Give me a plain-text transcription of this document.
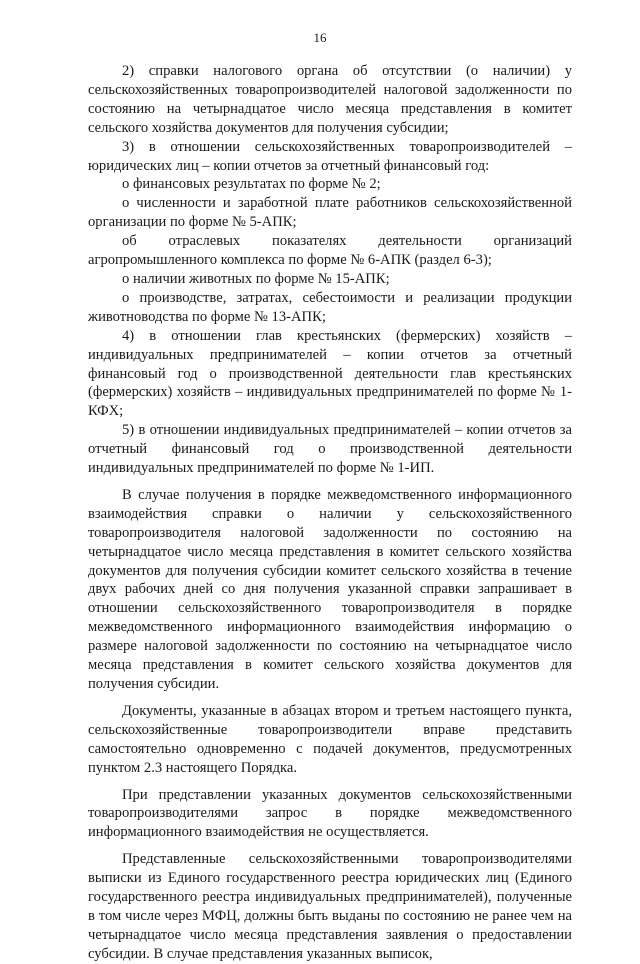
16

2) справки налогового органа об отсутствии (о наличии) у сельскохозяйственных товаропроизводителей налоговой задолженности по состоянию на четырнадцатое число месяца представления в комитет сельского хозяйства документов для получения субсидии;

3) в отношении сельскохозяйственных товаропроизводителей – юридических лиц – копии отчетов за отчетный финансовый год:

о финансовых результатах по форме № 2;

о численности и заработной плате работников сельскохозяйственной организации по форме № 5-АПК;

об отраслевых показателях деятельности организаций агропромышленного комплекса по форме № 6-АПК (раздел 6-3);

о наличии животных по форме № 15-АПК;

о производстве, затратах, себестоимости и реализации продукции животноводства по форме № 13-АПК;

4) в отношении глав крестьянских (фермерских) хозяйств – индивидуальных предпринимателей – копии отчетов за отчетный финансовый год о производственной деятельности глав крестьянских (фермерских) хозяйств – индивидуальных предпринимателей по форме № 1-КФХ;

5) в отношении индивидуальных предпринимателей – копии отчетов за отчетный финансовый год о производственной деятельности индивидуальных предпринимателей по форме № 1-ИП.

В случае получения в порядке межведомственного информационного взаимодействия справки о наличии у сельскохозяйственного товаропроизводителя налоговой задолженности по состоянию на четырнадцатое число месяца представления в комитет сельского хозяйства документов для получения субсидии комитет сельского хозяйства в течение двух рабочих дней со дня получения указанной справки запрашивает в отношении сельскохозяйственного товаропроизводителя в порядке межведомственного информационного взаимодействия информацию о размере налоговой задолженности по состоянию на четырнадцатое число месяца представления в комитет сельского хозяйства документов для получения субсидии.

Документы, указанные в абзацах втором и третьем настоящего пункта, сельскохозяйственные товаропроизводители вправе представить самостоятельно одновременно с подачей документов, предусмотренных пунктом 2.3 настоящего Порядка.

При представлении указанных документов сельскохозяйственными товаропроизводителями запрос в порядке межведомственного информационного взаимодействия не осуществляется.

Представленные сельскохозяйственными товаропроизводителями выписки из Единого государственного реестра юридических лиц (Единого государственного реестра индивидуальных предпринимателей), полученные в том числе через МФЦ, должны быть выданы по состоянию не ранее чем на четырнадцатое число месяца представления заявления о предоставлении субсидии. В случае представления указанных выписок,
